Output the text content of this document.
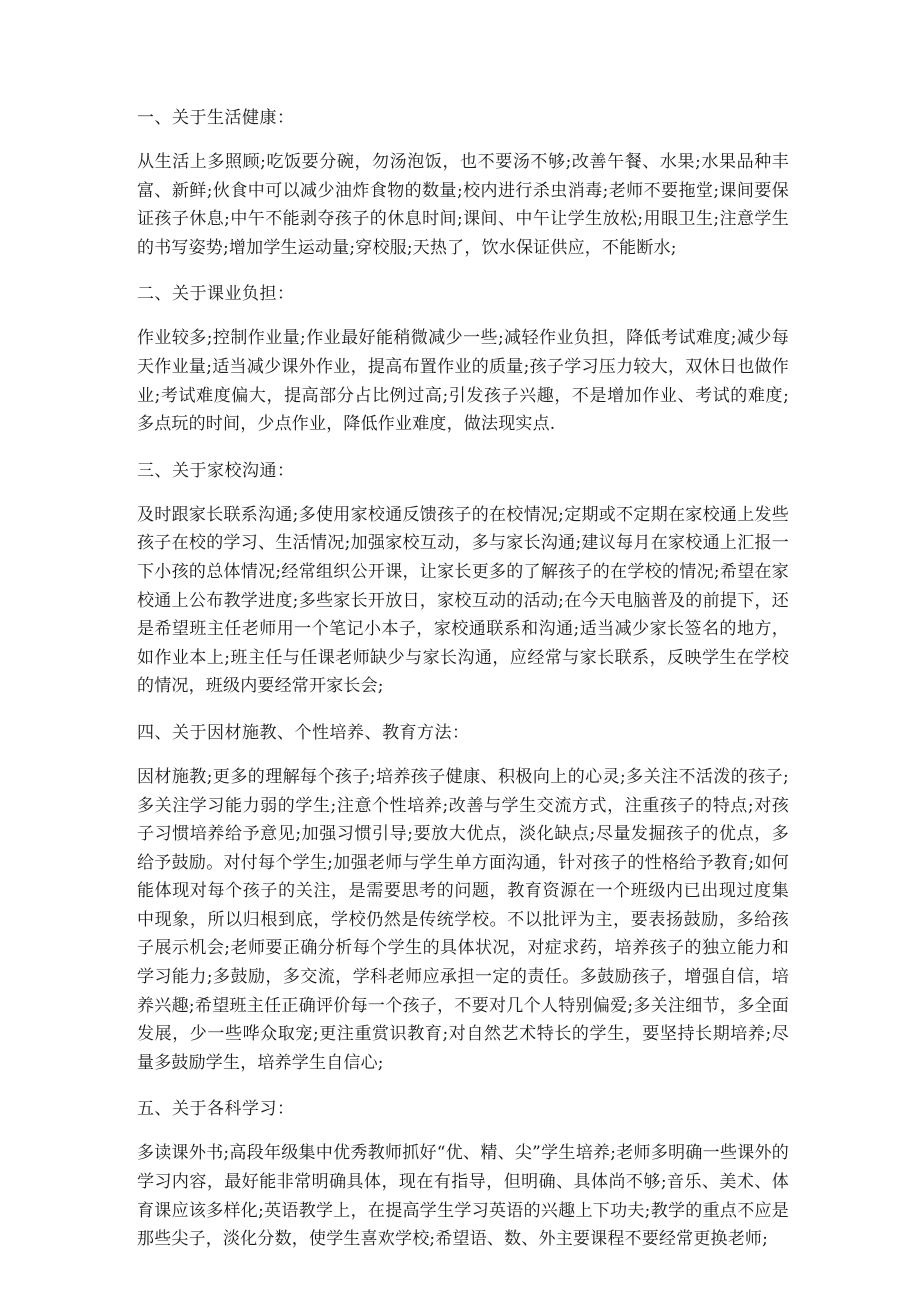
一、关于生活健康：

从生活上多照顾;吃饭要分碗，勿汤泡饭，也不要汤不够;改善午餐、水果;水果品种丰富、新鲜;伙食中可以减少油炸食物的数量;校内进行杀虫消毒;老师不要拖堂;课间要保证孩子休息;中午不能剥夺孩子的休息时间;课间、中午让学生放松;用眼卫生;注意学生的书写姿势;增加学生运动量;穿校服;天热了，饮水保证供应，不能断水;

二、关于课业负担：

作业较多;控制作业量;作业最好能稍微减少一些;减轻作业负担，降低考试难度;减少每天作业量;适当减少课外作业，提高布置作业的质量;孩子学习压力较大，双休日也做作业;考试难度偏大，提高部分占比例过高;引发孩子兴趣，不是增加作业、考试的难度;多点玩的时间，少点作业，降低作业难度，做法现实点.

三、关于家校沟通：

及时跟家长联系沟通;多使用家校通反馈孩子的在校情况;定期或不定期在家校通上发些孩子在校的学习、生活情况;加强家校互动，多与家长沟通;建议每月在家校通上汇报一下小孩的总体情况;经常组织公开课，让家长更多的了解孩子的在学校的情况;希望在家校通上公布教学进度;多些家长开放日，家校互动的活动;在今天电脑普及的前提下，还是希望班主任老师用一个笔记小本子，家校通联系和沟通;适当减少家长签名的地方，如作业本上;班主任与任课老师缺少与家长沟通，应经常与家长联系，反映学生在学校的情况，班级内要经常开家长会;

四、关于因材施教、个性培养、教育方法：

因材施教;更多的理解每个孩子;培养孩子健康、积极向上的心灵;多关注不活泼的孩子;多关注学习能力弱的学生;注意个性培养;改善与学生交流方式，注重孩子的特点;对孩子习惯培养给予意见;加强习惯引导;要放大优点，淡化缺点;尽量发掘孩子的优点，多给予鼓励。对付每个学生;加强老师与学生单方面沟通，针对孩子的性格给予教育;如何能体现对每个孩子的关注，是需要思考的问题，教育资源在一个班级内已出现过度集中现象，所以归根到底，学校仍然是传统学校。不以批评为主，要表扬鼓励，多给孩子展示机会;老师要正确分析每个学生的具体状况，对症求药，培养孩子的独立能力和学习能力;多鼓励，多交流，学科老师应承担一定的责任。多鼓励孩子，增强自信，培养兴趣;希望班主任正确评价每一个孩子，不要对几个人特别偏爱;多关注细节，多全面发展，少一些哗众取宠;更注重赏识教育;对自然艺术特长的学生，要坚持长期培养;尽量多鼓励学生，培养学生自信心;

五、关于各科学习：

多读课外书;高段年级集中优秀教师抓好“优、精、尖”学生培养;老师多明确一些课外的学习内容，最好能非常明确具体，现在有指导，但明确、具体尚不够;音乐、美术、体育课应该多样化;英语教学上，在提高学生学习英语的兴趣上下功夫;教学的重点不应是那些尖子，淡化分数，使学生喜欢学校;希望语、数、外主要课程不要经常更换老师;
